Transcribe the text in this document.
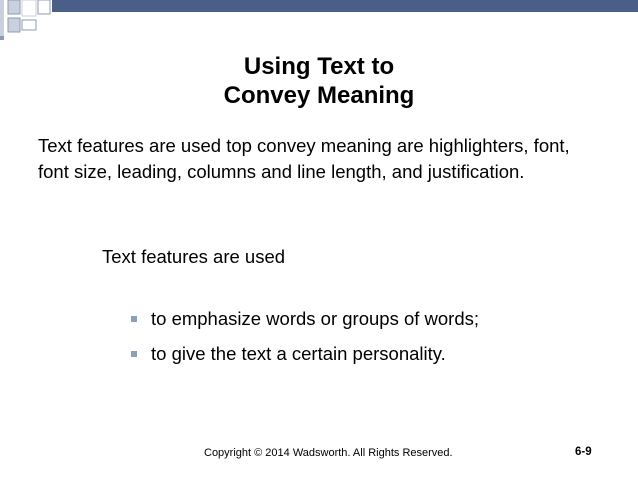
Using Text to
Convey Meaning
Text features are used top convey meaning are highlighters, font, font size, leading, columns and line length, and justification.
Text features are used
to emphasize words or groups of words;
to give the text a certain personality.
Copyright © 2014 Wadsworth. All Rights Reserved.	6-9
